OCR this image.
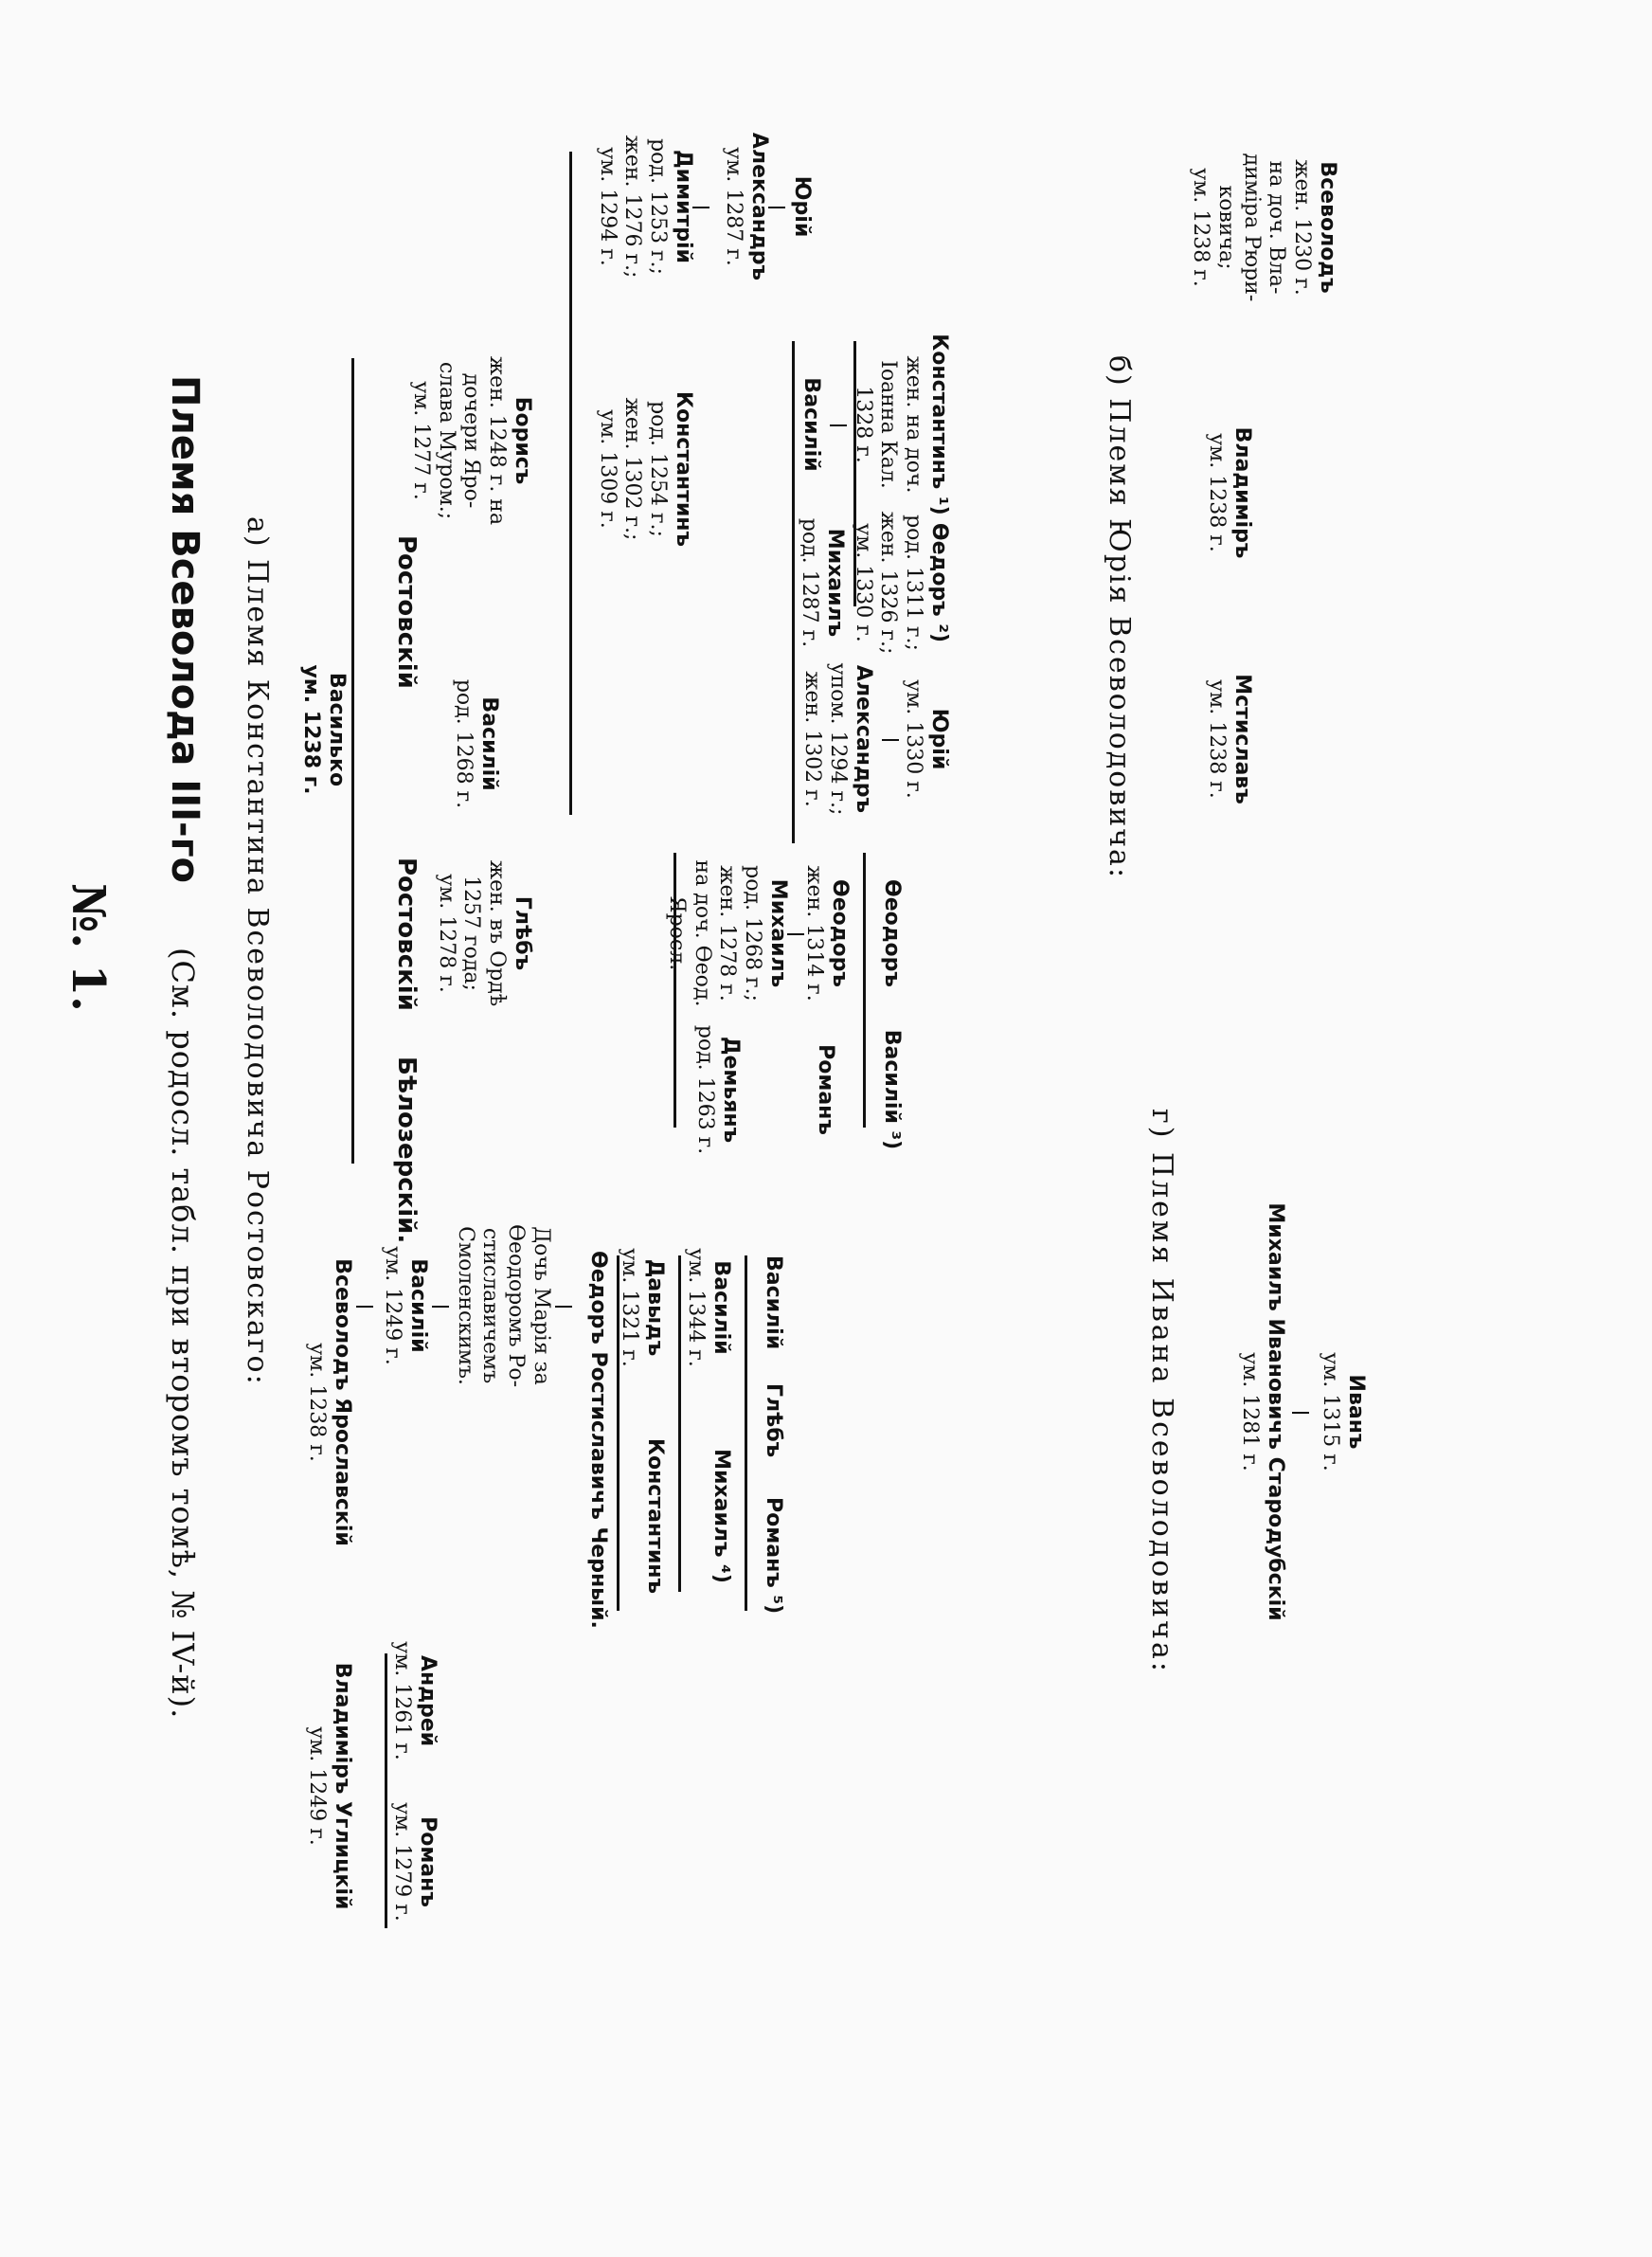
№. 1.
Племя Всеволода III-го
(См. родосл. табл. при второмъ томѣ, № IV-й). а) Племя Константина Всеволодовича Ростовскаго: Василько
ум. 1238 г.
Ростовскій
Ростовскій
Бѣлозерскій.
Борисъ
жен. 1248 г. на
дочери Яро-
слава Муром.;
ум. 1277 г.
Василій
род. 1268 г.
Глѣбъ
жен. въ Ордѣ
1257 года;
ум. 1278 г.
Димитрій
род. 1253 г.;
жен. 1276 г.;
ум. 1294 г.
Константинъ
род. 1254 г.;
жен. 1302 г.;
ум. 1309 г.
Александръ
ум. 1287 г. Юрій
Василій
Михаилъ
род. 1287 г.
Александръ
упом. 1294 г.;
жен. 1302 г.
Константинъ ¹)
жен. на доч.
Іоанна Кал.
1328 г.
Ѳедоръ ²)
род. 1311 г.;
жен. 1326 г.;
ум. 1330 г.
Юрій
ум. 1330 г.
Михаилъ
род. 1268 г.;
жен. 1278 г.
на доч. Ѳеод.
Яросл.
Демьянъ
род. 1263 г.
Ѳеодоръ
жен. 1314 г.
Романъ
Ѳеодоръ
Василій ³)
Всеволодъ Ярославскій
ум. 1238 г.
Василій
ум. 1249 г.	Дочь Марія за
Ѳеодоромъ Ро-
стиславичемъ
Смоленскимъ.	Ѳедоръ Ростиславичъ Черный. Давыдъ
ум. 1321 г.
Константинъ
Василій
ум. 1344 г.
Михаилъ ⁴)
Василій
Глѣбъ
Романъ ⁵)
Владиміръ Углицкій
ум. 1249 г.
Андрей
ум. 1261 г.
Романъ
ум. 1279 г.
б) Племя Юрія Всеволодовича:
Всеволодъ
жен. 1230 г.
на доч. Вла-
диміра Рюри-
ковича;
ум. 1238 г.
Владиміръ
ум. 1238 г.
Мстиславъ
ум. 1238 г.
г) Племя Ивана Всеволодовича:	Михаилъ Ивановичъ Стародубскій
ум. 1281 г.	Иванъ
ум. 1315 г.
